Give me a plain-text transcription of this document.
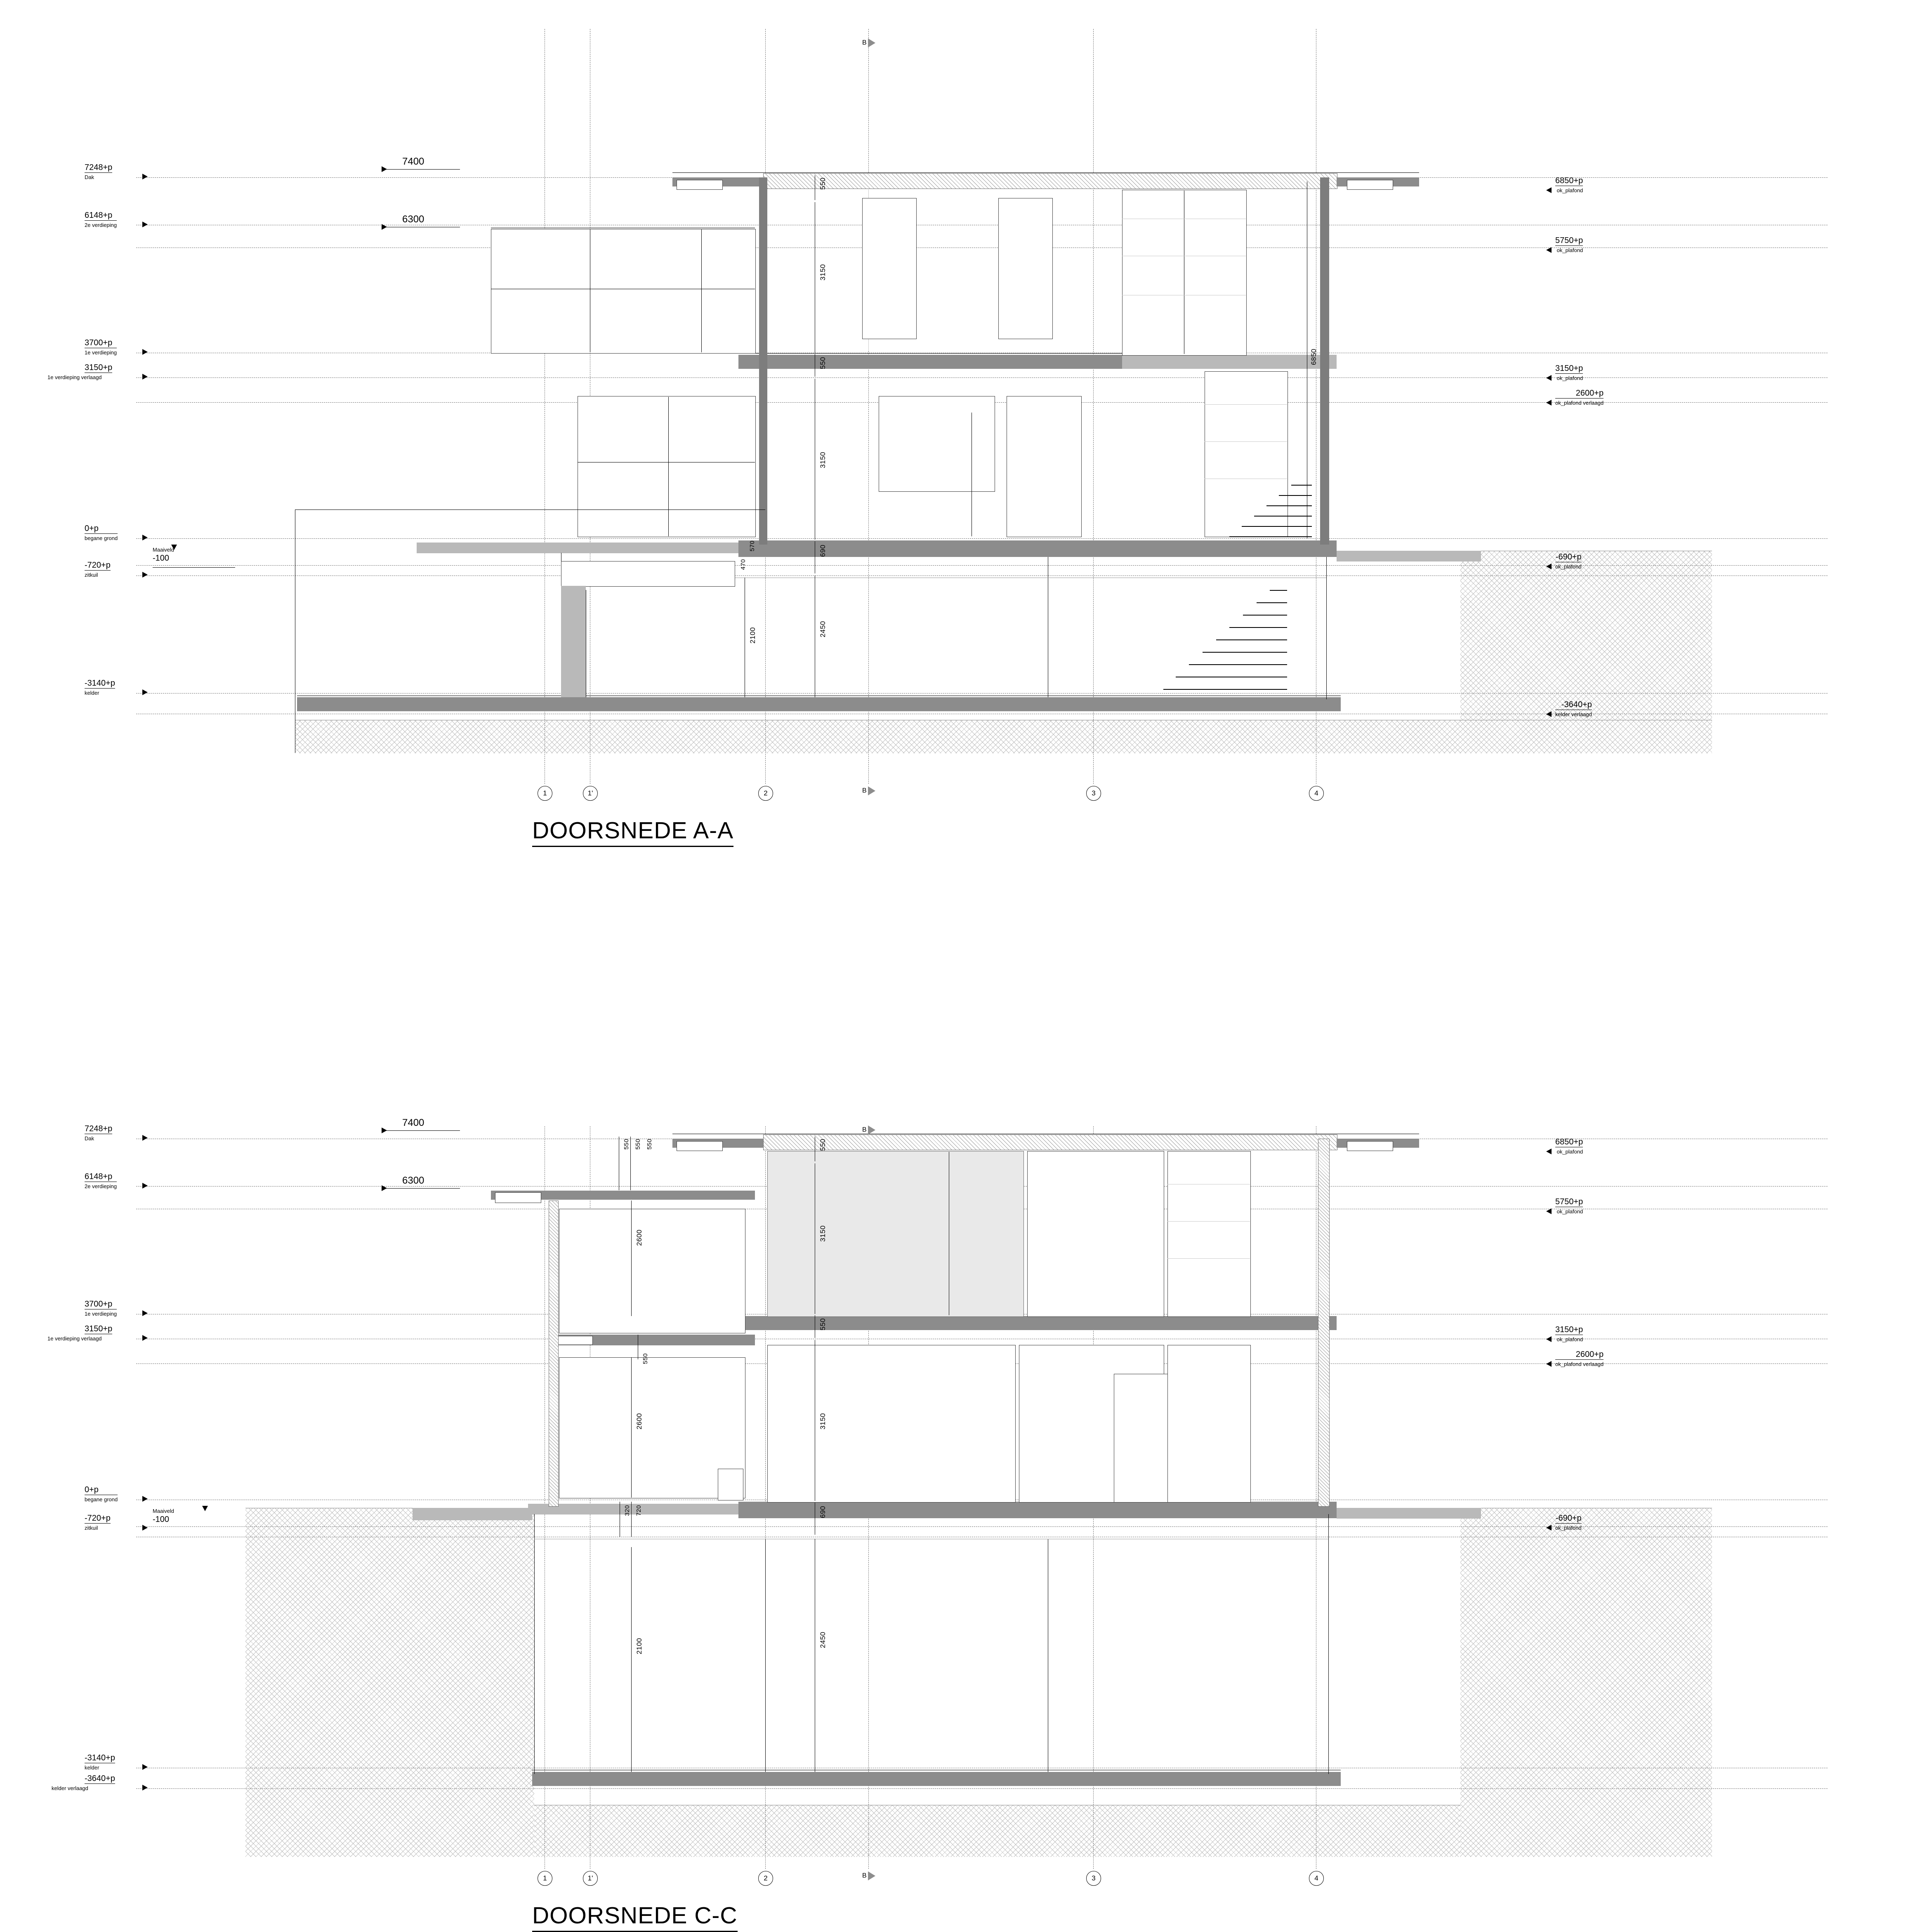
7248+p
Dak
6148+p
2e verdieping
3700+p
1e verdieping
3150+p
1e verdieping verlaagd
0+p
begane grond
-720+p
zitkuil
-3140+p
kelder
Maaiveld
-100
7400
6300
6850+p
ok_plafond
5750+p
ok_plafond
3150+p
ok_plafond
2600+p
ok_plafond verlaagd
-690+p
ok_plafond
-3640+p
kelder verlaagd
550
3150
550
3150
6850
570
470
690
2100	2450
1	1'	2	3	4
B
B
DOORSNEDE A-A
7248+p
Dak
6148+p
2e verdieping
3700+p
1e verdieping
3150+p
1e verdieping verlaagd
0+p
begane grond
-720+p
zitkuil
-3140+p
kelder
-3640+p
kelder verlaagd
Maaiveld
-100
7400
6300
6850+p
ok_plafond
5750+p
ok_plafond
3150+p
ok_plafond
2600+p
ok_plafond verlaagd
-690+p
ok_plafond
550 550 550	550
2600
550
3150
550
2600	3150
320 720	690
2100	2450
1	1'	2	3	4
B
B
DOORSNEDE C-C
